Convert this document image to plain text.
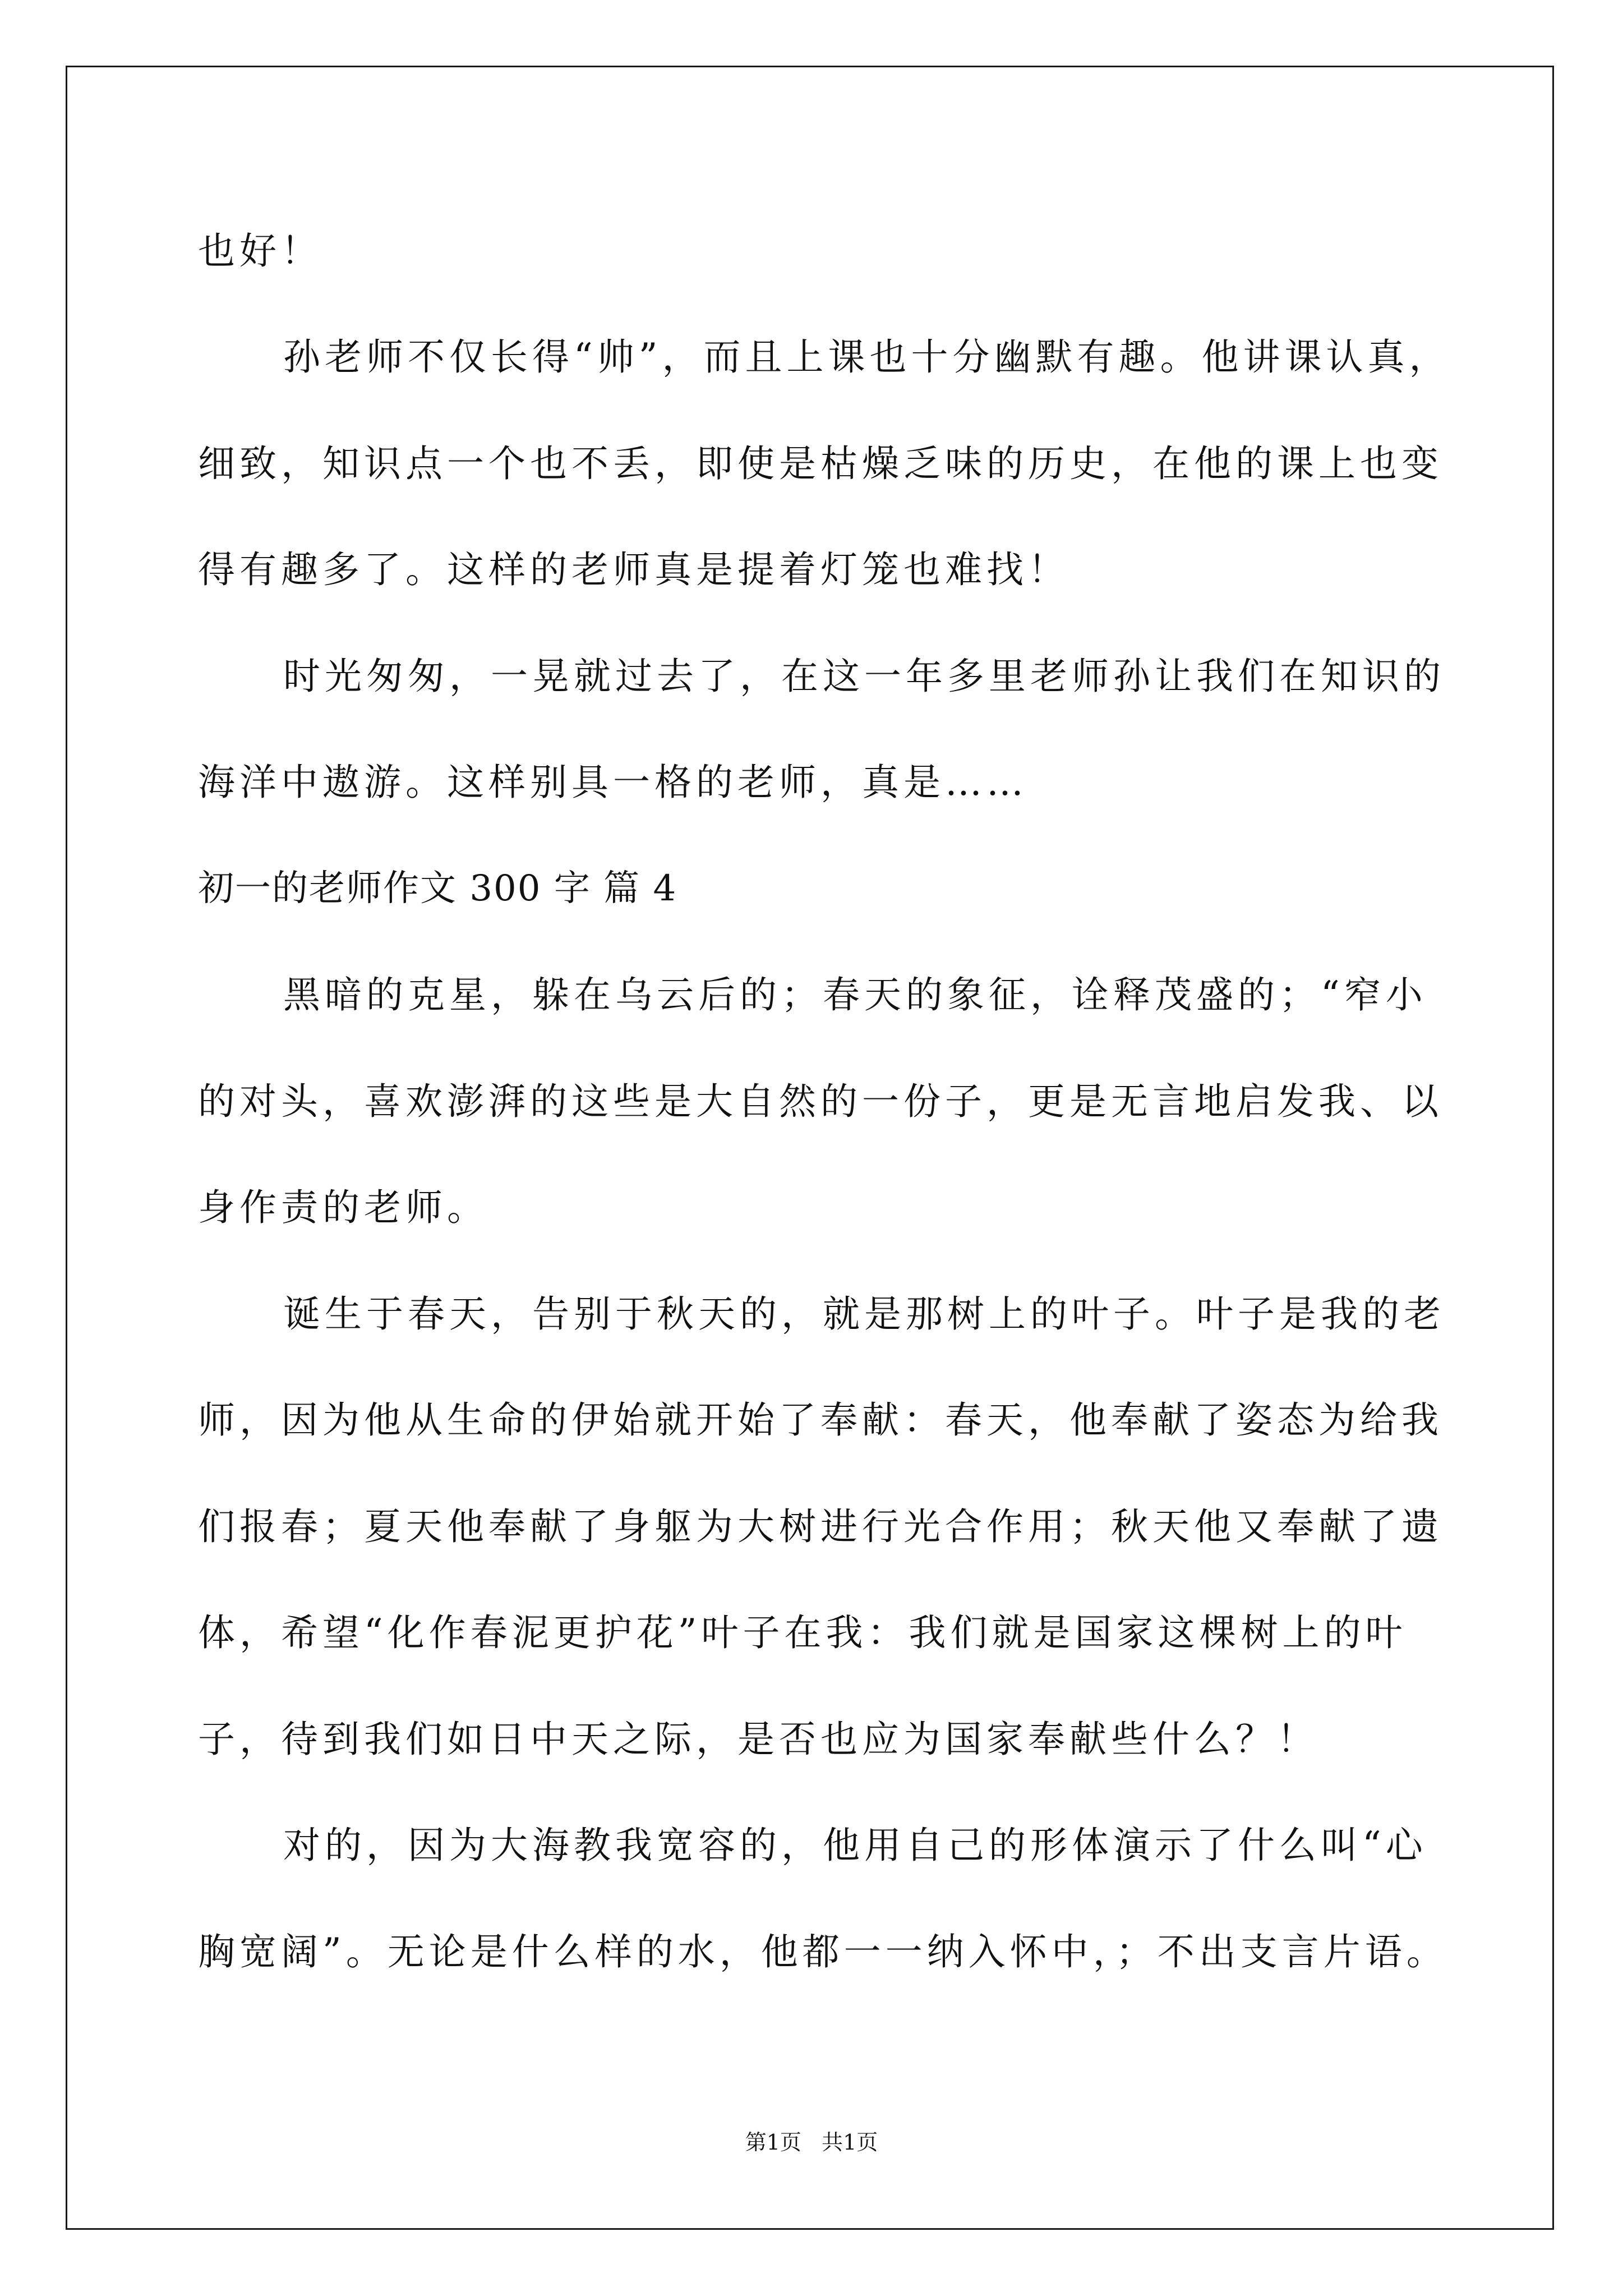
也好！
孙老师不仅长得“帅”，而且上课也十分幽默有趣。他讲课认真，
细致，知识点一个也不丢，即使是枯燥乏味的历史，在他的课上也变
得有趣多了。这样的老师真是提着灯笼也难找！
时光匆匆，一晃就过去了，在这一年多里老师孙让我们在知识的
海洋中遨游。这样别具一格的老师，真是……
初一的老师作文 300 字 篇 4
黑暗的克星，躲在乌云后的；春天的象征，诠释茂盛的；“窄小
的对头，喜欢澎湃的这些是大自然的一份子，更是无言地启发我、以
身作责的老师。
诞生于春天，告别于秋天的，就是那树上的叶子。叶子是我的老
师，因为他从生命的伊始就开始了奉献：春天，他奉献了姿态为给我
们报春；夏天他奉献了身躯为大树进行光合作用；秋天他又奉献了遗
体，希望“化作春泥更护花”叶子在我：我们就是国家这棵树上的叶
子，待到我们如日中天之际，是否也应为国家奉献些什么？！
对的，因为大海教我宽容的，他用自己的形体演示了什么叫“心
胸宽阔”。无论是什么样的水，他都一一纳入怀中，；不出支言片语。
第1页   共1页
